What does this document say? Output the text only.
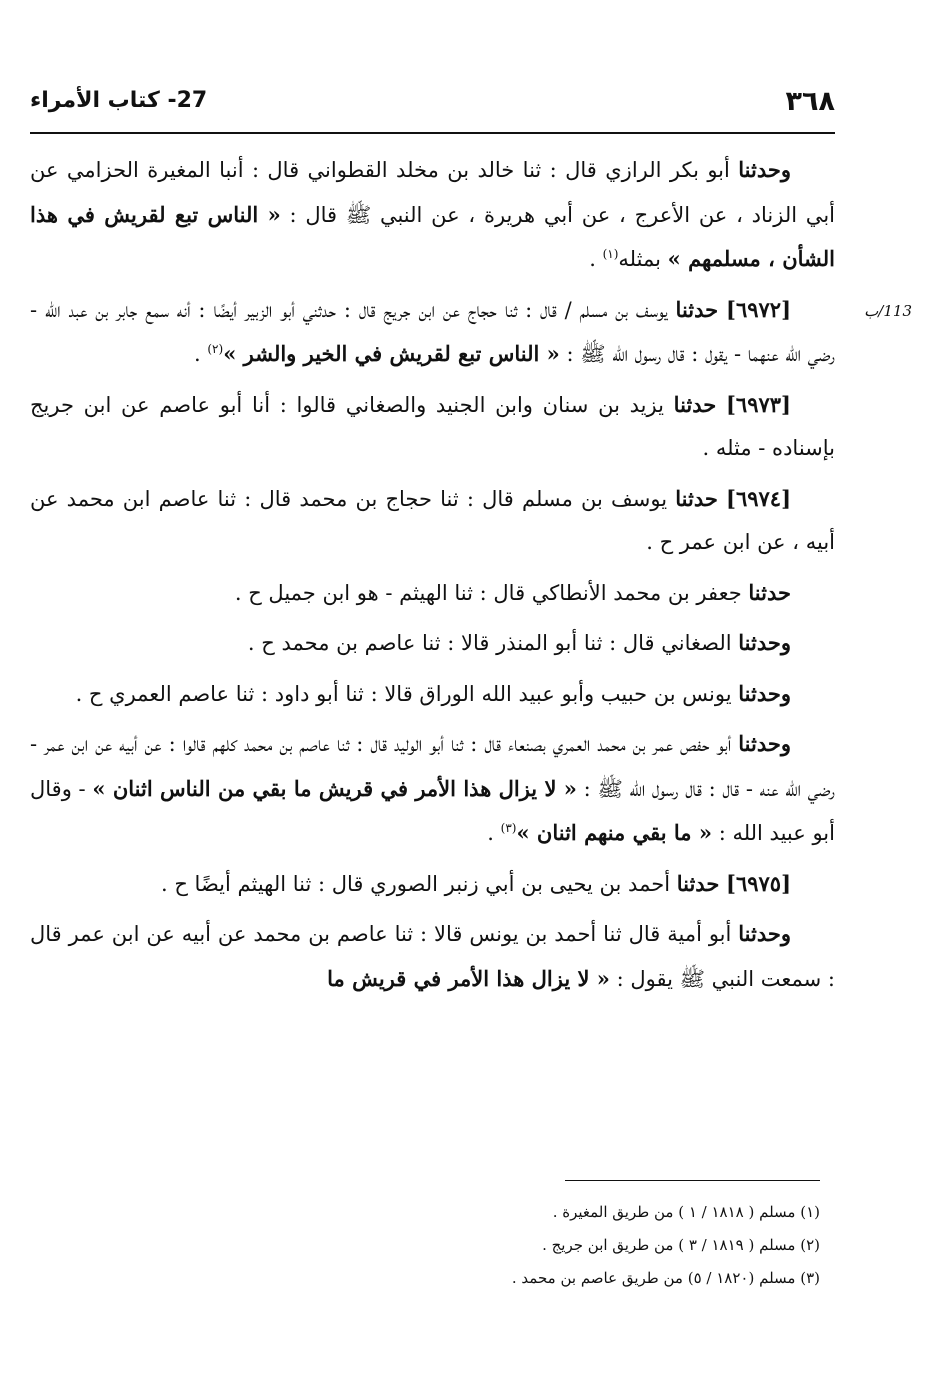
٣٦٨
27- كتاب الأمراء
113/ب

وحدثنا أبو بكر الرازي قال : ثنا خالد بن مخلد القطواني قال : أنبا المغيرة الحزامي عن أبي الزناد ، عن الأعرج ، عن أبي هريرة ، عن النبي ﷺ قال : « الناس تبع لقريش في هذا الشأن ، مسلمهم » بمثله$^{(١)}$ .

[٦٩٧٢] حدثنا يوسف بن مسلم / قال : ثنا حجاج عن ابن جريج قال : حدثني أبو الزبير أيضًا : أنه سمع جابر بن عبد الله - رضي الله عنهما - يقول : قال رسول الله ﷺ : « الناس تبع لقريش في الخير والشر »$^{(٢)}$ .

[٦٩٧٣] حدثنا يزيد بن سنان وابن الجنيد والصغاني قالوا : أنا أبو عاصم عن ابن جريج بإسناده - مثله .

[٦٩٧٤] حدثنا يوسف بن مسلم قال : ثنا حجاج بن محمد قال : ثنا عاصم ابن محمد عن أبيه ، عن ابن عمر ح .

حدثنا جعفر بن محمد الأنطاكي قال : ثنا الهيثم - هو ابن جميل ح .

وحدثنا الصغاني قال : ثنا أبو المنذر قالا : ثنا عاصم بن محمد ح .

وحدثنا يونس بن حبيب وأبو عبيد الله الوراق قالا : ثنا أبو داود : ثنا عاصم العمري ح .

وحدثنا أبو حفص عمر بن محمد العمري بصنعاء قال : ثنا أبو الوليد قال : ثنا عاصم بن محمد كلهم قالوا : عن أبيه عن ابن عمر - رضي الله عنه - قال : قال رسول الله ﷺ : « لا يزال هذا الأمر في قريش ما بقي من الناس اثنان » - وقال أبو عبيد الله : « ما بقي منهم اثنان »$^{(٣)}$ .

[٦٩٧٥] حدثنا أحمد بن يحيى بن أبي زنبر الصوري قال : ثنا الهيثم أيضًا ح .

وحدثنا أبو أمية قال ثنا أحمد بن يونس قالا : ثنا عاصم بن محمد عن أبيه عن ابن عمر قال : سمعت النبي ﷺ يقول : « لا يزال هذا الأمر في قريش ما

(١) مسلم ( ١٨١٨ / ١ ) من طريق المغيرة .
(٢) مسلم ( ١٨١٩ / ٣ ) من طريق ابن جريج .
(٣) مسلم (١٨٢٠ / ٥) من طريق عاصم بن محمد .
